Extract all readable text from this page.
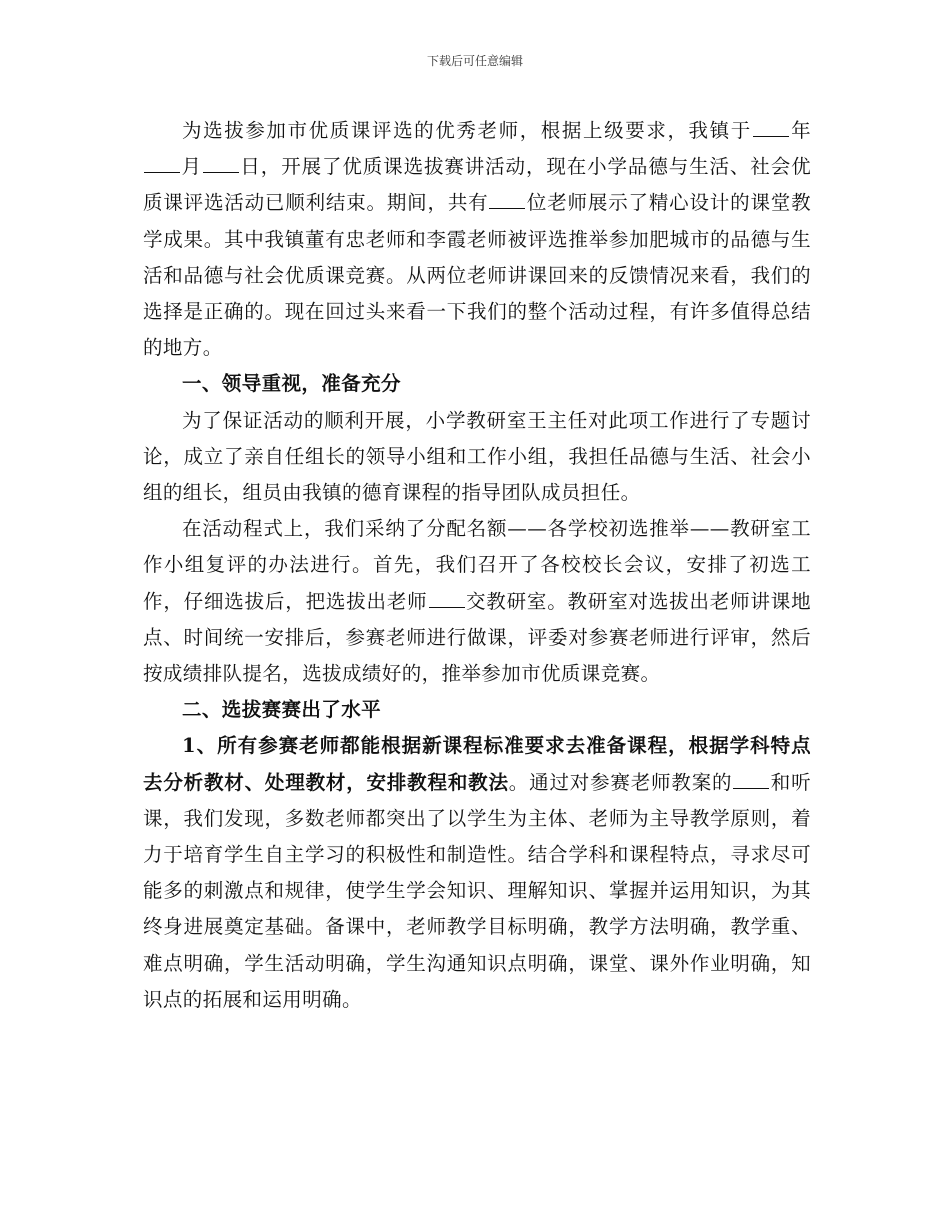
下载后可任意编辑

为选拔参加市优质课评选的优秀老师，根据上级要求，我镇于 年月 日，开展了优质课选拔赛讲活动，现在小学品德与生活、社会优质课评选活动已顺利结束。期间，共有 位老师展示了精心设计的课堂教学成果。其中我镇董有忠老师和李霞老师被评选推举参加肥城市的品德与生活和品德与社会优质课竞赛。从两位老师讲课回来的反馈情况来看，我们的选择是正确的。现在回过头来看一下我们的整个活动过程，有许多值得总结的地方。

一、领导重视，准备充分

为了保证活动的顺利开展，小学教研室王主任对此项工作进行了专题讨论，成立了亲自任组长的领导小组和工作小组，我担任品德与生活、社会小组的组长，组员由我镇的德育课程的指导团队成员担任。

在活动程式上，我们采纳了分配名额——各学校初选推举——教研室工作小组复评的办法进行。首先，我们召开了各校校长会议，安排了初选工作，仔细选拔后，把选拔出老师 交教研室。教研室对选拔出老师讲课地点、时间统一安排后，参赛老师进行做课，评委对参赛老师进行评审，然后按成绩排队提名，选拔成绩好的，推举参加市优质课竞赛。

二、选拔赛赛出了水平

1、所有参赛老师都能根据新课程标准要求去准备课程，根据学科特点去分析教材、处理教材，安排教程和教法。通过对参赛老师教案的 和听课，我们发现，多数老师都突出了以学生为主体、老师为主导教学原则，着力于培育学生自主学习的积极性和制造性。结合学科和课程特点，寻求尽可能多的刺激点和规律，使学生学会知识、理解知识、掌握并运用知识，为其终身进展奠定基础。备课中，老师教学目标明确，教学方法明确，教学重、难点明确，学生活动明确，学生沟通知识点明确，课堂、课外作业明确，知识点的拓展和运用明确。
